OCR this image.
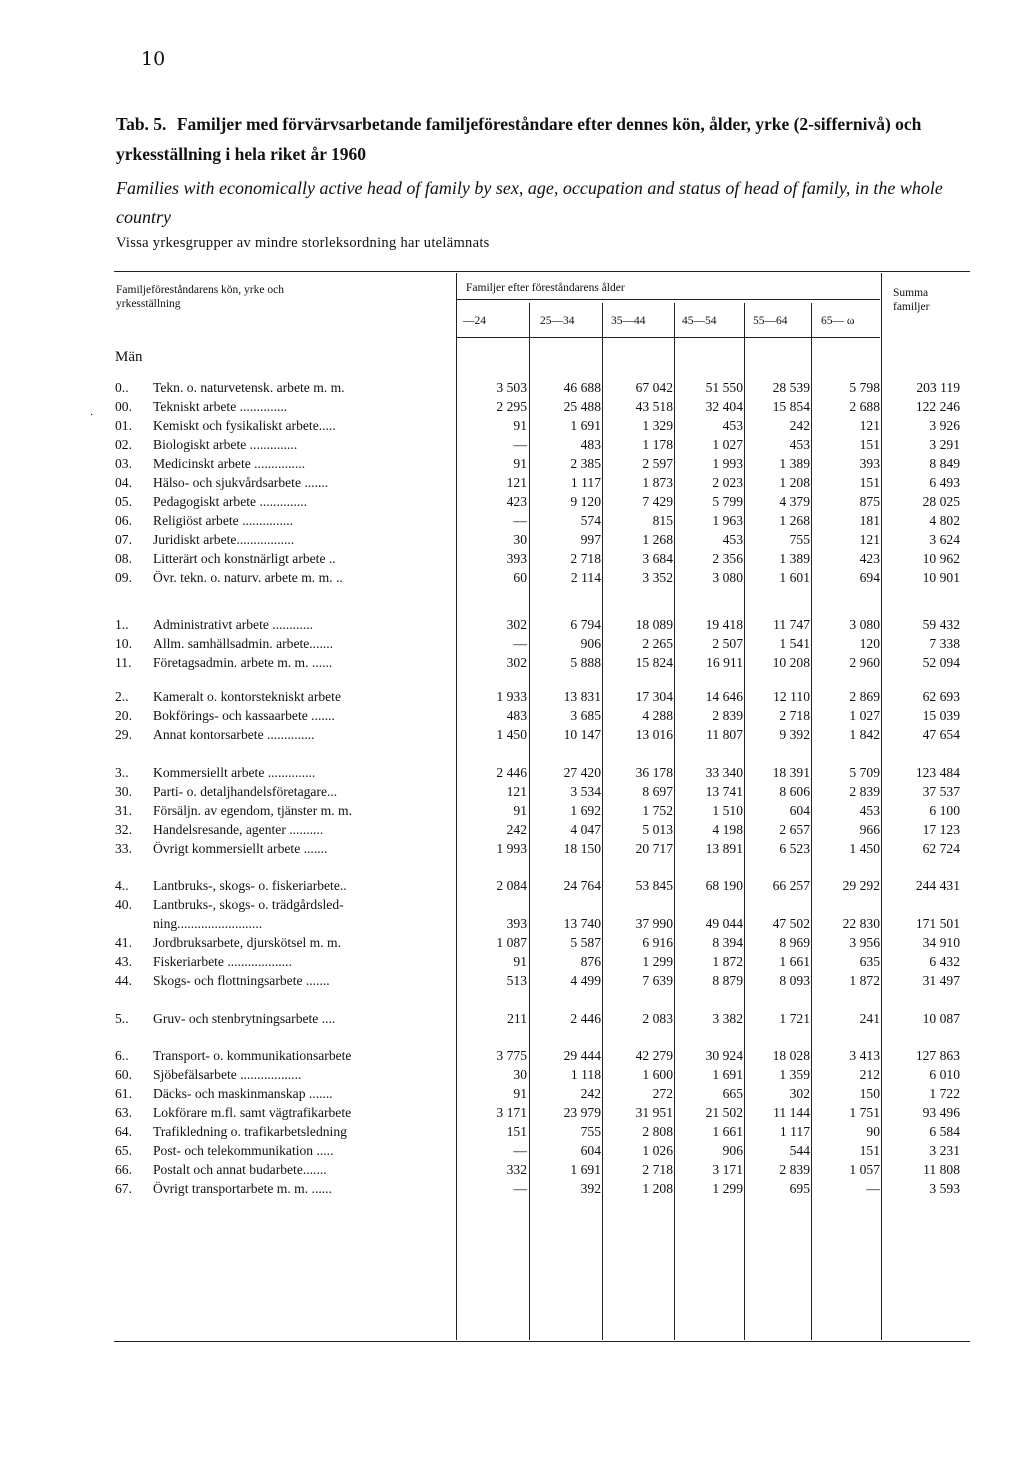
10
Tab. 5. Familjer med förvärvsarbetande familjeföreståndare efter dennes kön, ålder, yrke (2-siffernivå) och yrkesställning i hela riket år 1960
Families with economically active head of family by sex, age, occupation and status of head of family, in the whole country
Vissa yrkesgrupper av mindre storleksordning har utelämnats
Familjeföreståndarens kön, yrke och yrkesställning
Familjer efter föreståndarens ålder	Summa familjer
—24	25—34	35—44	45—54	55—64	65— ω
Män
·
0..	Tekn. o. naturvetensk. arbete m. m.	3 503	46 688	67 042	51 550	28 539	5 798	203 119
00.	Tekniskt arbete ..............	2 295	25 488	43 518	32 404	15 854	2 688	122 246
01.	Kemiskt och fysikaliskt arbete.....	91	1 691	1 329	453	242	121	3 926
02.	Biologiskt arbete ..............	—	483	1 178	1 027	453	151	3 291
03.	Medicinskt arbete ...............	91	2 385	2 597	1 993	1 389	393	8 849
04.	Hälso- och sjukvårdsarbete .......	121	1 117	1 873	2 023	1 208	151	6 493
05.	Pedagogiskt arbete ..............	423	9 120	7 429	5 799	4 379	875	28 025
06.	Religiöst arbete ...............	—	574	815	1 963	1 268	181	4 802
07.	Juridiskt arbete.................	30	997	1 268	453	755	121	3 624
08.	Litterärt och konstnärligt arbete ..	393	2 718	3 684	2 356	1 389	423	10 962
09.	Övr. tekn. o. naturv. arbete m. m. ..	60	2 114	3 352	3 080	1 601	694	10 901
1..	Administrativt arbete ............	302	6 794	18 089	19 418	11 747	3 080	59 432
10.	Allm. samhällsadmin. arbete.......	—	906	2 265	2 507	1 541	120	7 338
11.	Företagsadmin. arbete m. m. ......	302	5 888	15 824	16 911	10 208	2 960	52 094
2..	Kameralt o. kontorstekniskt arbete	1 933	13 831	17 304	14 646	12 110	2 869	62 693
20.	Bokförings- och kassaarbete .......	483	3 685	4 288	2 839	2 718	1 027	15 039
29.	Annat kontorsarbete ..............	1 450	10 147	13 016	11 807	9 392	1 842	47 654
3..	Kommersiellt arbete ..............	2 446	27 420	36 178	33 340	18 391	5 709	123 484
30.	Parti- o. detaljhandelsföretagare...	121	3 534	8 697	13 741	8 606	2 839	37 537
31.	Försäljn. av egendom, tjänster m. m.	91	1 692	1 752	1 510	604	453	6 100
32.	Handelsresande, agenter ..........	242	4 047	5 013	4 198	2 657	966	17 123
33.	Övrigt kommersiellt arbete .......	1 993	18 150	20 717	13 891	6 523	1 450	62 724
4..	Lantbruks-, skogs- o. fiskeriarbete..	2 084	24 764	53 845	68 190	66 257	29 292	244 431
40.	Lantbruks-, skogs- o. trädgårdsled-
ning.........................	393	13 740	37 990	49 044	47 502	22 830	171 501
41.	Jordbruksarbete, djurskötsel m. m.	1 087	5 587	6 916	8 394	8 969	3 956	34 910
43.	Fiskeriarbete ...................	91	876	1 299	1 872	1 661	635	6 432
44.	Skogs- och flottningsarbete .......	513	4 499	7 639	8 879	8 093	1 872	31 497
5..	Gruv- och stenbrytningsarbete ....	211	2 446	2 083	3 382	1 721	241	10 087
6..	Transport- o. kommunikationsarbete	3 775	29 444	42 279	30 924	18 028	3 413	127 863
60.	Sjöbefälsarbete ..................	30	1 118	1 600	1 691	1 359	212	6 010
61.	Däcks- och maskinmanskap .......	91	242	272	665	302	150	1 722
63.	Lokförare m.fl. samt vägtrafikarbete	3 171	23 979	31 951	21 502	11 144	1 751	93 496
64.	Trafikledning o. trafikarbetsledning	151	755	2 808	1 661	1 117	90	6 584
65.	Post- och telekommunikation .....	—	604	1 026	906	544	151	3 231
66.	Postalt och annat budarbete.......	332	1 691	2 718	3 171	2 839	1 057	11 808
67.	Övrigt transportarbete m. m. ......	—	392	1 208	1 299	695	—	3 593
